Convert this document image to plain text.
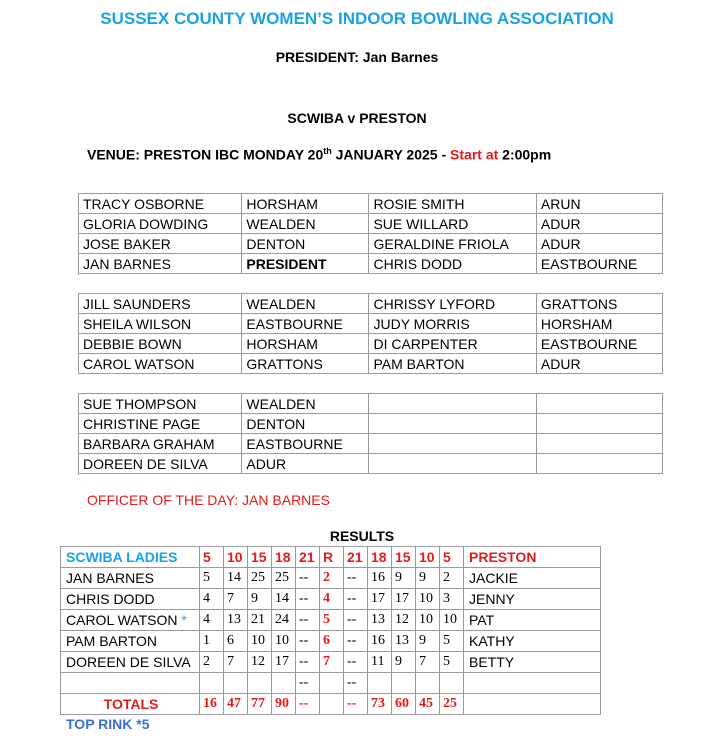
SUSSEX COUNTY WOMEN’S INDOOR BOWLING ASSOCIATION
PRESIDENT: Jan Barnes
SCWIBA v PRESTON
VENUE: PRESTON IBC MONDAY 20th JANUARY 2025 - Start at 2:00pm
TRACY OSBORNE	HORSHAM	ROSIE SMITH	ARUN
GLORIA DOWDING	WEALDEN	SUE WILLARD	ADUR
JOSE BAKER	DENTON	GERALDINE FRIOLA	ADUR
JAN BARNES	PRESIDENT	CHRIS DODD	EASTBOURNE
JILL SAUNDERS	WEALDEN	CHRISSY LYFORD	GRATTONS
SHEILA WILSON	EASTBOURNE	JUDY MORRIS	HORSHAM
DEBBIE BOWN	HORSHAM	DI CARPENTER	EASTBOURNE
CAROL WATSON	GRATTONS	PAM BARTON	ADUR
SUE THOMPSON	WEALDEN		
CHRISTINE PAGE	DENTON		
BARBARA GRAHAM	EASTBOURNE		
DOREEN DE SILVA	ADUR		
OFFICER OF THE DAY: JAN BARNES
RESULTS
SCWIBA LADIES	5	10	15	18	21	R	21	18	15	10	5	PRESTON
JAN BARNES	5	14	25	25	--	2	--	16	9	9	2	JACKIE
CHRIS DODD	4	7	9	14	--	4	--	17	17	10	3	JENNY
CAROL WATSON *	4	13	21	24	--	5	--	13	12	10	10	PAT
PAM BARTON	1	6	10	10	--	6	--	16	13	9	5	KATHY
DOREEN DE SILVA	2	7	12	17	--	7	--	11	9	7	5	BETTY
					--		--					
TOTALS	16	47	77	90	--		--	73	60	45	25	
TOP RINK *5
